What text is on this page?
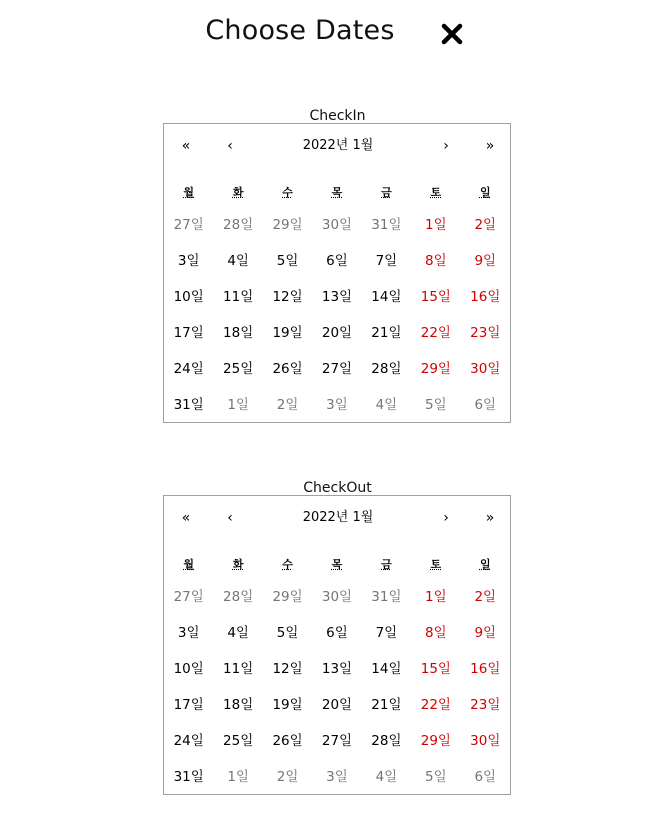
Choose Dates
CheckIn
«	‹	2022년 1월	›	»
월	화	수	목	금	토	일
27일	28일	29일	30일	31일	1일	2일
3일	4일	5일	6일	7일	8일	9일
10일	11일	12일	13일	14일	15일	16일
17일	18일	19일	20일	21일	22일	23일
24일	25일	26일	27일	28일	29일	30일
31일	1일	2일	3일	4일	5일	6일
CheckOut
«	‹	2022년 1월	›	»
월	화	수	목	금	토	일
27일	28일	29일	30일	31일	1일	2일
3일	4일	5일	6일	7일	8일	9일
10일	11일	12일	13일	14일	15일	16일
17일	18일	19일	20일	21일	22일	23일
24일	25일	26일	27일	28일	29일	30일
31일	1일	2일	3일	4일	5일	6일
